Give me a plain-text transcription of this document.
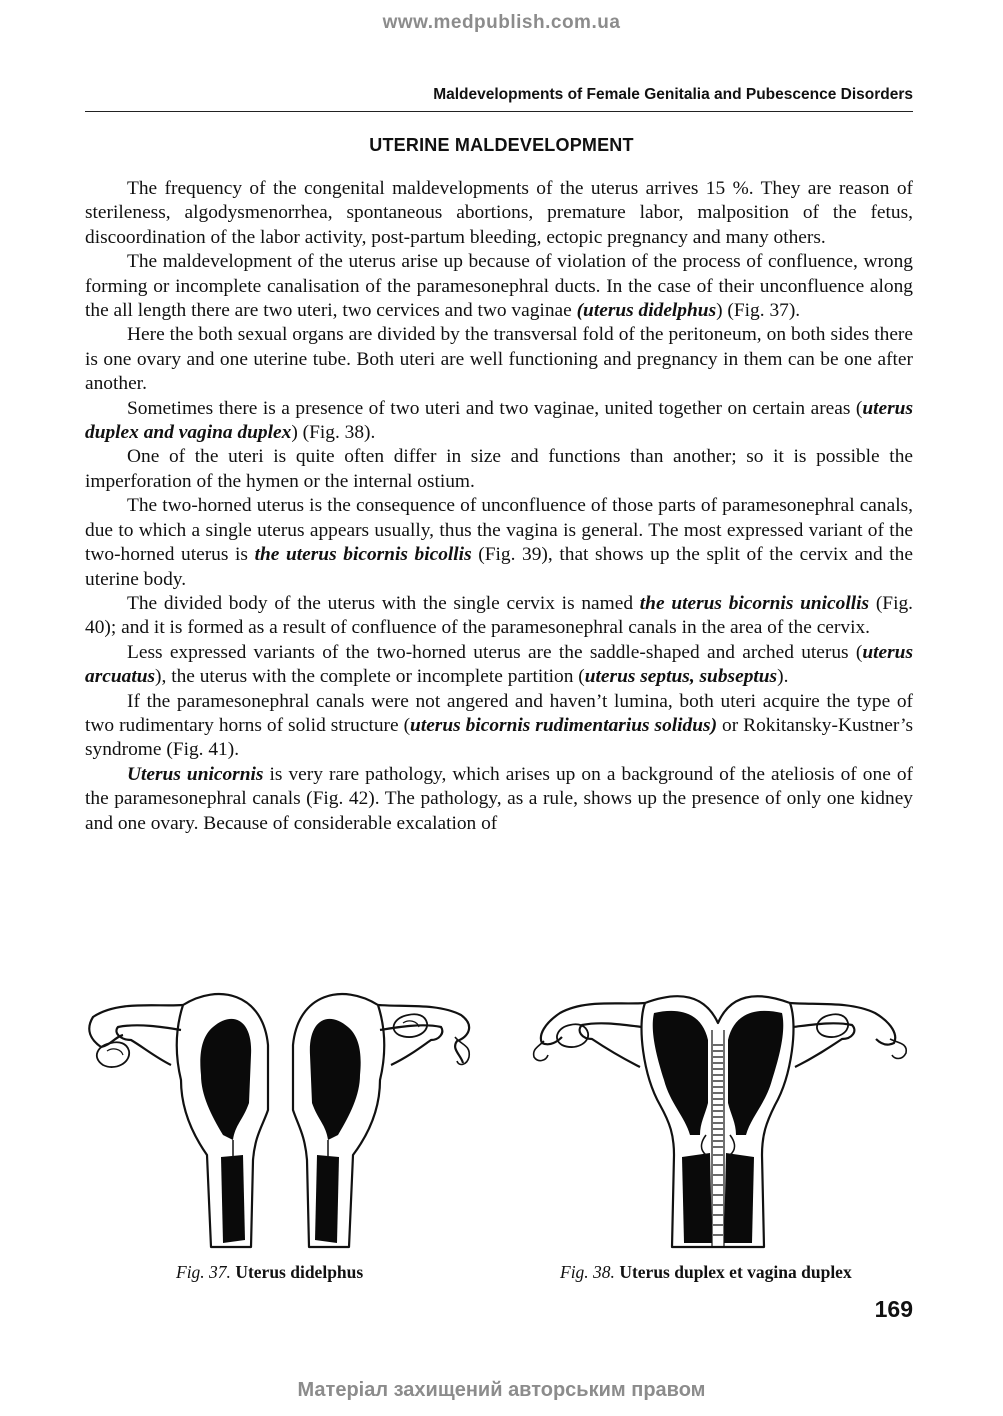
www.medpublish.com.ua
Maldevelopments of Female Genitalia and Pubescence Disorders
UTERINE MALDEVELOPMENT

The frequency of the congenital maldevelopments of the uterus arrives 15 %. They are reason of sterileness, algodysmenorrhea, spontaneous abortions, premature labor, malposition of the fetus, discoordination of the labor activity, post-partum bleeding, ectopic pregnancy and many others.

The maldevelopment of the uterus arise up because of violation of the process of confluence, wrong forming or incomplete canalisation of the paramesonephral ducts. In the case of their unconfluence along the all length there are two uteri, two cervices and two vaginae (uterus didelphus) (Fig. 37).

Here the both sexual organs are divided by the transversal fold of the peritoneum, on both sides there is one ovary and one uterine tube. Both uteri are well functioning and pregnancy in them can be one after another.

Sometimes there is a presence of two uteri and two vaginae, united together on certain areas (uterus duplex and vagina duplex) (Fig. 38).

One of the uteri is quite often differ in size and functions than another; so it is possible the imperforation of the hymen or the internal ostium.

The two-horned uterus is the consequence of unconfluence of those parts of paramesonephral canals, due to which a single uterus appears usually, thus the vagina is general. The most expressed variant of the two-horned uterus is the uterus bicornis bicollis (Fig. 39), that shows up the split of the cervix and the uterine body.

The divided body of the uterus with the single cervix is named the uterus bicornis unicollis (Fig. 40); and it is formed as a result of confluence of the paramesonephral canals in the area of the cervix.

Less expressed variants of the two-horned uterus are the saddle-shaped and arched uterus (uterus arcuatus), the uterus with the complete or incomplete partition (uterus septus, subseptus).

If the paramesonephral canals were not angered and haven’t lumina, both uteri acquire the type of two rudimentary horns of solid structure (uterus bicornis rudimentarius solidus) or Rokitansky-Kustner’s syndrome (Fig. 41).

Uterus unicornis is very rare pathology, which arises up on a background of the ateliosis of one of the paramesonephral canals (Fig. 42). The pathology, as a rule, shows up the presence of only one kidney and one ovary. Because of considerable excalation of

Fig. 37. Uterus didelphus	Fig. 38. Uterus duplex et vagina duplex
169
Матеріал захищений авторським правом
